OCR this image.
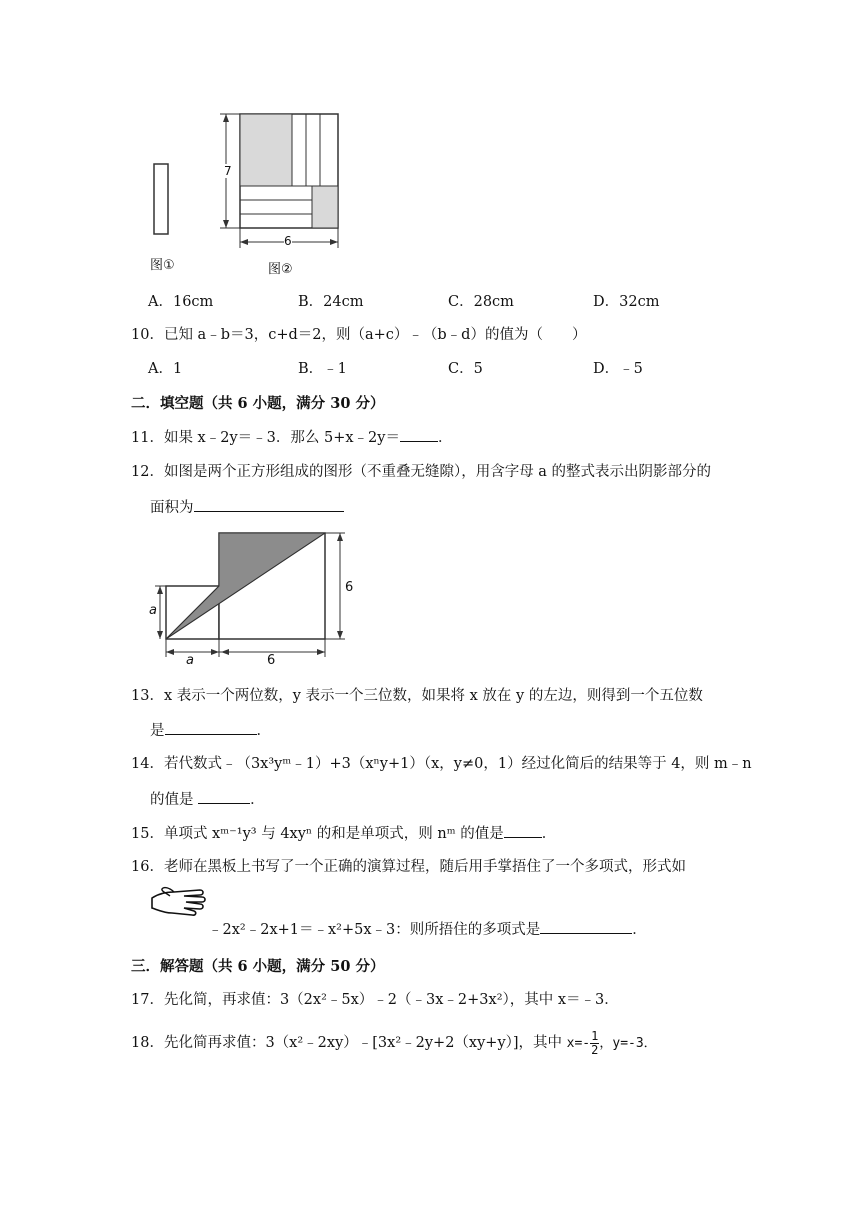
7
6
图①	图②
A．16cm	B．24cm	C．28cm	D．32cm
10．已知 a﹣b＝3，c+d＝2，则（a+c）﹣（b﹣d）的值为（　　）
A．1	B．﹣1	C．5	D．﹣5
二．填空题（共 6 小题，满分 30 分）
11．如果 x﹣2y＝﹣3．那么 5+x﹣2y＝	．
12．如图是两个正方形组成的图形（不重叠无缝隙），用含字母 a 的整式表示出阴影部分的
面积为
a
6
a	6
13．x 表示一个两位数，y 表示一个三位数，如果将 x 放在 y 的左边，则得到一个五位数
是	．
14．若代数式﹣（3x³yᵐ﹣1）+3（xⁿy+1）（x，y≠0，1）经过化简后的结果等于 4，则 m﹣n
的值是	．
15．单项式 xᵐ⁻¹y³ 与 4xyⁿ 的和是单项式，则 nᵐ 的值是	．
16．老师在黑板上书写了一个正确的演算过程，随后用手掌捂住了一个多项式，形式如
﹣2x²﹣2x+1＝﹣x²+5x﹣3：则所捂住的多项式是	．
三．解答题（共 6 小题，满分 50 分）
17．先化简，再求值：3（2x²﹣5x）﹣2（﹣3x﹣2+3x²），其中 x＝﹣3．
18．先化简再求值：3（x²﹣2xy）﹣[3x²﹣2y+2（xy+y）]，其中 $x=- \frac{1}{2}$ ，y=-3．
